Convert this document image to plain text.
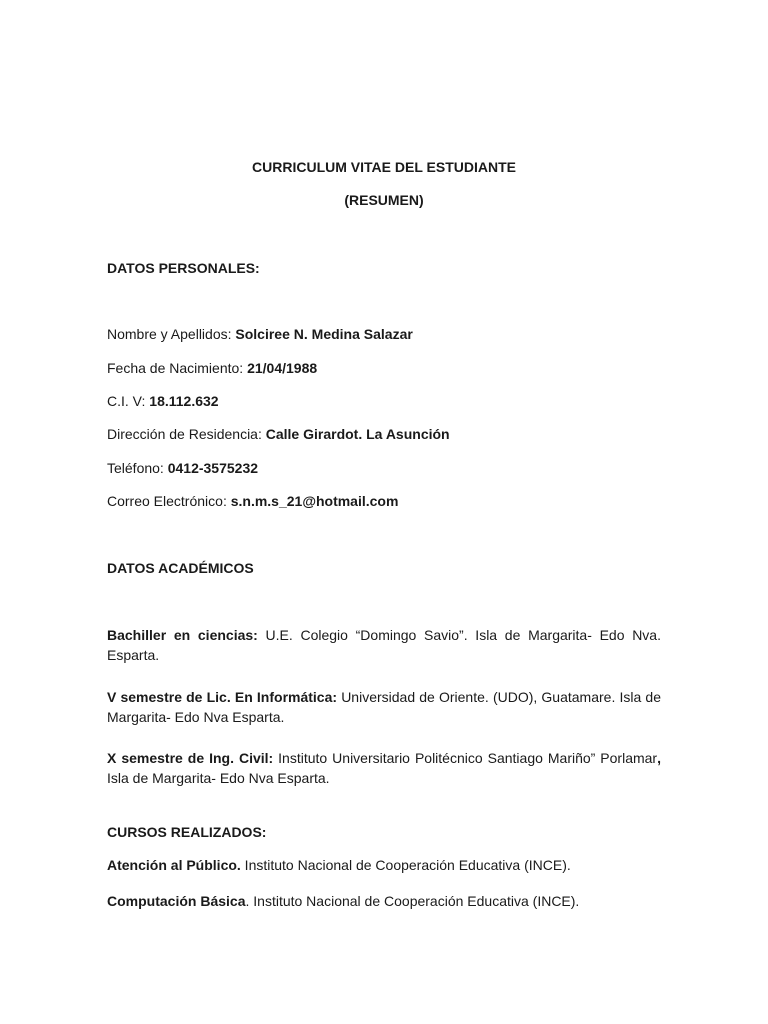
CURRICULUM VITAE DEL ESTUDIANTE
(RESUMEN)
DATOS PERSONALES:
Nombre y Apellidos: Solciree N. Medina Salazar
Fecha de Nacimiento: 21/04/1988
C.I. V: 18.112.632
Dirección de Residencia: Calle Girardot. La Asunción
Teléfono: 0412-3575232
Correo Electrónico: s.n.m.s_21@hotmail.com
DATOS ACADÉMICOS
Bachiller en ciencias: U.E. Colegio “Domingo Savio”. Isla de Margarita- Edo Nva. Esparta.
V semestre de Lic. En Informática: Universidad de Oriente. (UDO), Guatamare. Isla de Margarita- Edo Nva Esparta.
X semestre de Ing. Civil: Instituto Universitario Politécnico Santiago Mariño” Porlamar, Isla de Margarita- Edo Nva Esparta.
CURSOS REALIZADOS:
Atención al Público. Instituto Nacional de Cooperación Educativa (INCE).
Computación Básica. Instituto Nacional de Cooperación Educativa (INCE).
